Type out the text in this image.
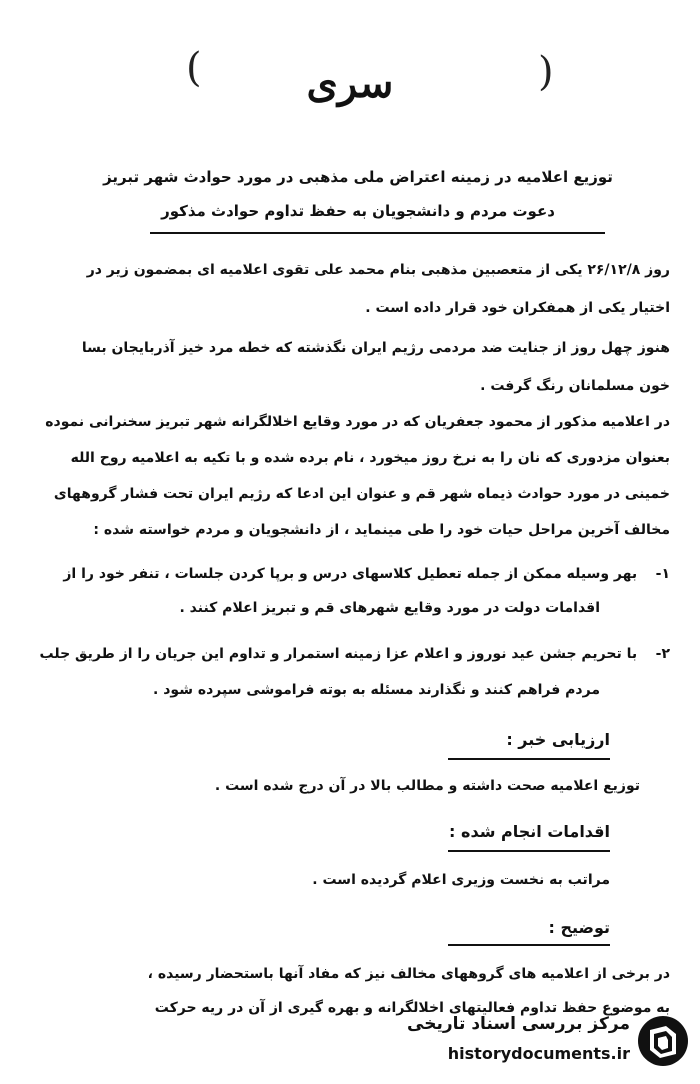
(	)
سری
توزیع اعلامیه در زمینه اعتراض ملی مذهبی در مورد حوادث شهر تبریز
دعوت مردم و دانشجویان به حفظ تداوم حوادث مذکور
روز ۲۶/۱۲/۸ یکی از متعصبین مذهبی بنام محمد علی تقوی اعلامیه ای بمضمون زیر در
اختیار یکی از همفکران خود قرار داده است .
هنوز چهل روز از جنایت ضد مردمی رژیم ایران نگذشته که خطه مرد خیز آذربایجان بسا
خون مسلمانان رنگ گرفت .
در اعلامیه مذکور از محمود جعفریان که در مورد وقایع اخلالگرانه شهر تبریز سخنرانی نموده
بعنوان مزدوری که نان را به نرخ روز میخورد ، نام برده شده و با تکیه به اعلامیه روح الله
خمینی در مورد حوادث ذیماه شهر قم و عنوان این ادعا که رژیم ایران تحت فشار گروههای
مخالف آخرین مراحل حیات خود را طی مینماید ، از دانشجویان و مردم خواسته شده :
۱- بهر وسیله ممکن از جمله تعطیل کلاسهای درس و برپا کردن جلسات ، تنفر خود را از
اقدامات دولت در مورد وقایع شهرهای قم و تبریز اعلام کنند .
۲- با تحریم جشن عید نوروز و اعلام عزا زمینه استمرار و تداوم این جریان را از طریق جلب
مردم فراهم کنند و نگذارند مسئله به بوته فراموشی سپرده شود .
ارزیابی خبر :
توزیع اعلامیه صحت داشته و مطالب بالا در آن درج شده است .
اقدامات انجام شده :
مراتب به نخست وزیری اعلام گردیده است .
توضیح :
در برخی از اعلامیه های گروههای مخالف نیز که مفاد آنها باستحضار رسیده ،
به موضوع حفظ تداوم فعالیتهای اخلالگرانه و بهره گیری از آن در ریه حرکت
مرکز بررسی اسناد تاریخی
historydocuments.ir
